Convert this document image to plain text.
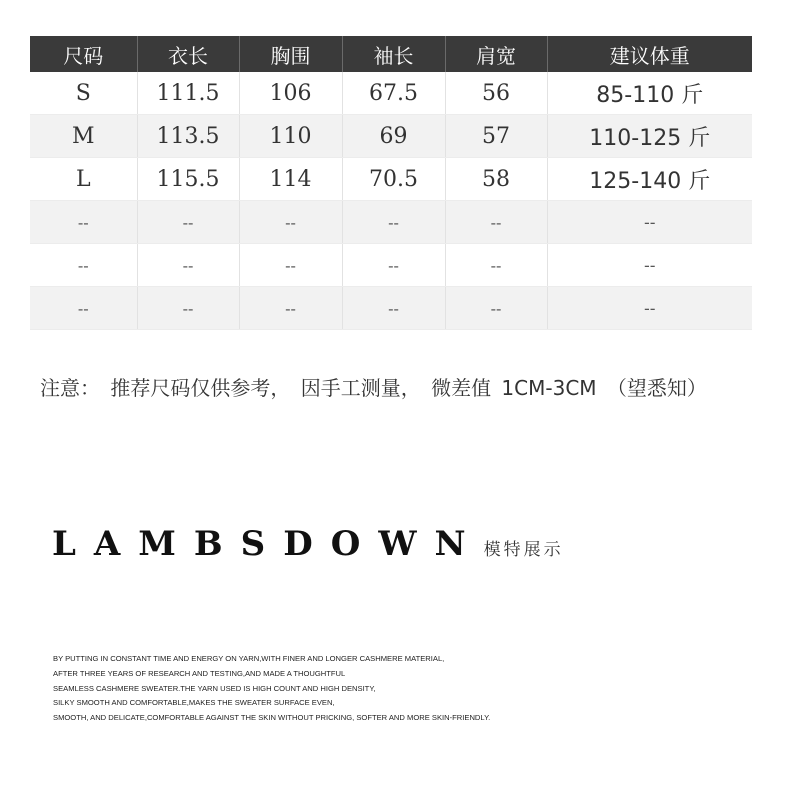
尺码	衣长	胸围	袖长	肩宽	建议体重
S	111.5	106	67.5	56	85-110 斤
M	113.5	110	69	57	110-125 斤
L	115.5	114	70.5	58	125-140 斤
--	--	--	--	--	--
--	--	--	--	--	--
--	--	--	--	--	--
注意： 推荐尺码仅供参考， 因手工测量， 微差值 1CM-3CM （望悉知）
LAMBSDOWN 模特展示
BY PUTTING IN CONSTANT TIME AND ENERGY ON YARN,WITH FINER AND LONGER CASHMERE MATERIAL,
AFTER THREE YEARS OF RESEARCH AND TESTING,AND MADE A THOUGHTFUL
SEAMLESS CASHMERE SWEATER.THE YARN USED IS HIGH COUNT AND HIGH DENSITY,
SILKY SMOOTH AND COMFORTABLE,MAKES THE SWEATER SURFACE EVEN,
SMOOTH, AND DELICATE,COMFORTABLE AGAINST THE SKIN WITHOUT PRICKING, SOFTER AND MORE SKIN-FRIENDLY.
